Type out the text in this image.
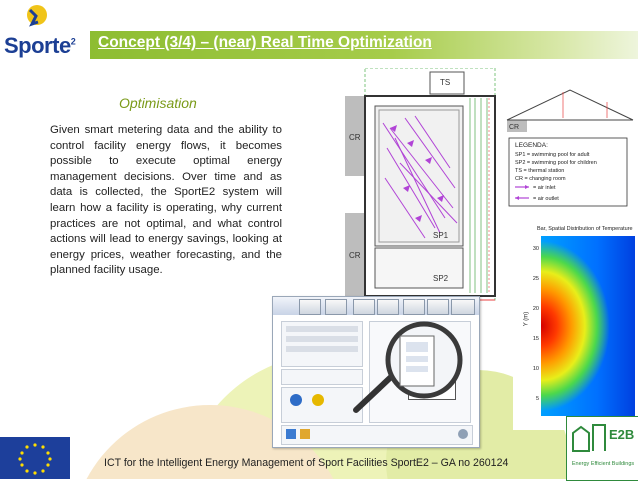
Sporte$^2$ Concept (3/4) – (near) Real Time Optimization
Optimisation
Given smart metering data and the ability to control facility energy flows, it becomes possible to execute optimal energy management decisions. Over time and as data is collected, the SportE2 system will learn how a facility is operating, why current practices are not optimal, and what control actions will lead to energy savings, looking at energy prices, weather forecasting, and the planned facility usage.
TS
CR
CR
SP1
SP2
CR
LEGENDA:
SP1 = swimming pool for adult
SP2 = swimming pool for children
TS = thermal station
CR = changing room
= air inlet
= air outlet
Bar, Spatial Distribution of Temperature
30
25
20
15
10
5
Y (m)
ICT for the Intelligent Energy Management of Sport Facilities SportE2 – GA no 260124
E2B
Energy Efficient Buildings
